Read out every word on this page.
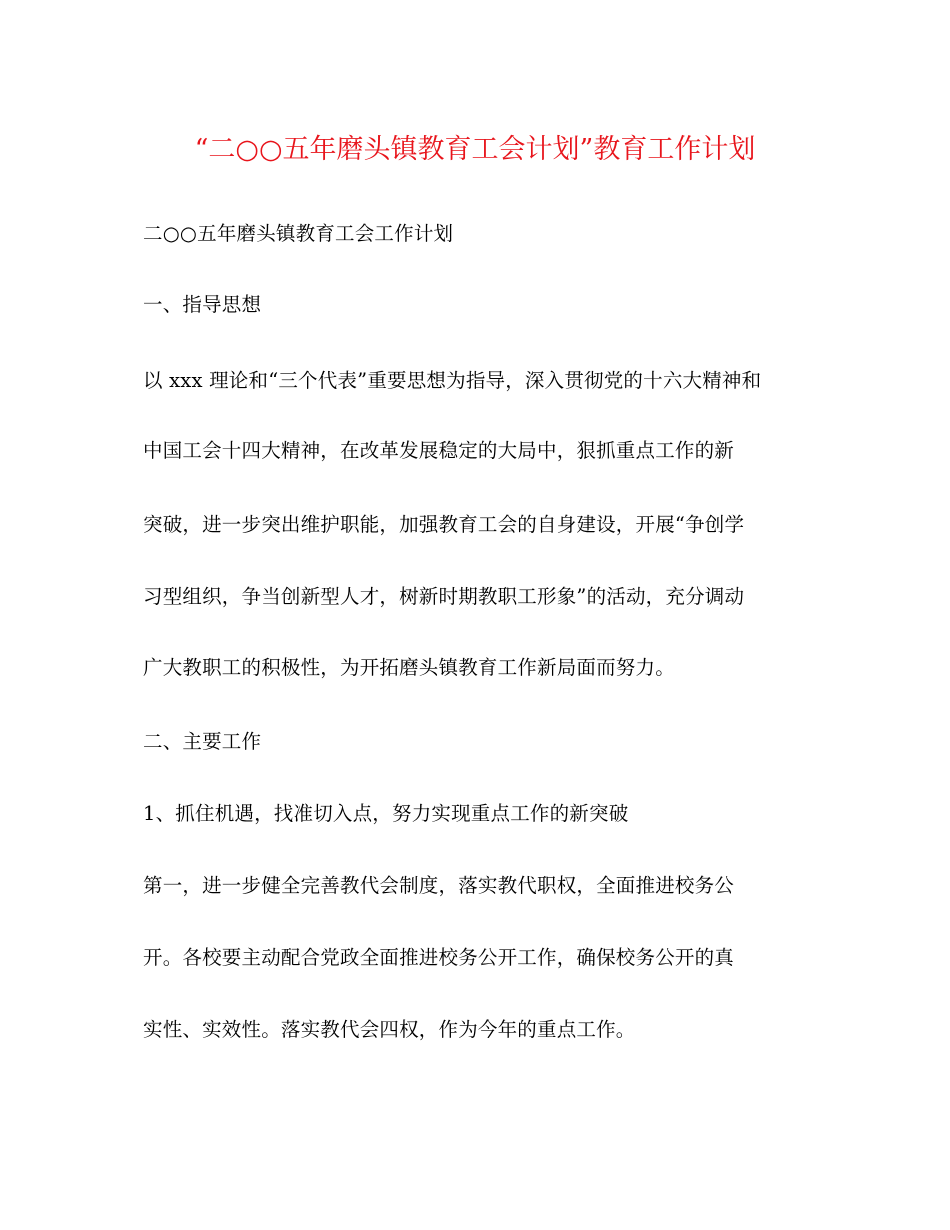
“二○○五年磨头镇教育工会计划”教育工作计划
二○○五年磨头镇教育工会工作计划
一、指导思想
以 xxx 理论和“三个代表”重要思想为指导，深入贯彻党的十六大精神和
中国工会十四大精神，在改革发展稳定的大局中，狠抓重点工作的新
突破，进一步突出维护职能，加强教育工会的自身建设，开展“争创学
习型组织，争当创新型人才，树新时期教职工形象”的活动，充分调动
广大教职工的积极性，为开拓磨头镇教育工作新局面而努力。
二、主要工作
1、抓住机遇，找准切入点，努力实现重点工作的新突破
第一，进一步健全完善教代会制度，落实教代职权，全面推进校务公
开。各校要主动配合党政全面推进校务公开工作，确保校务公开的真
实性、实效性。落实教代会四权，作为今年的重点工作。
